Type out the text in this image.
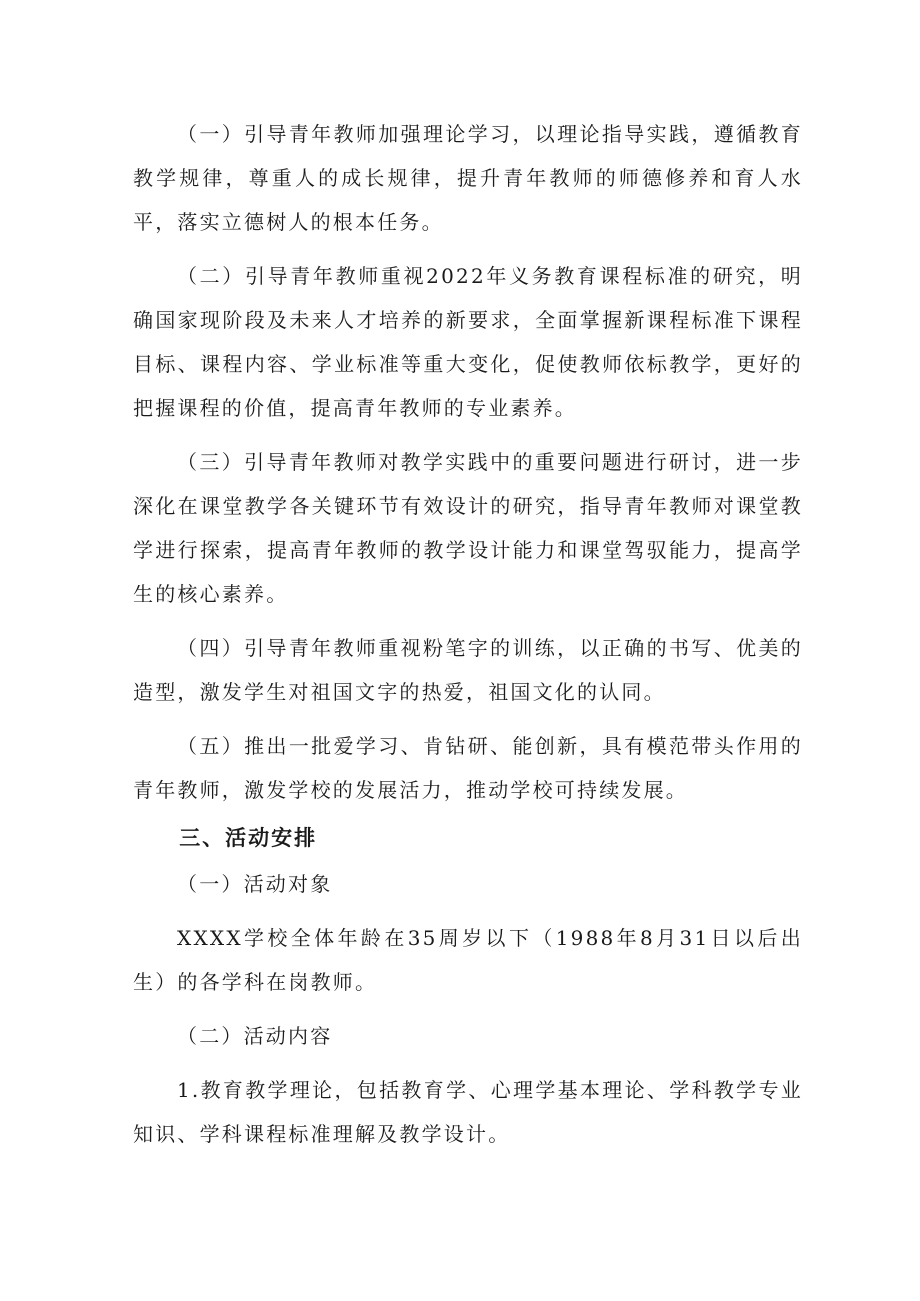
（一）引导青年教师加强理论学习，以理论指导实践，遵循教育教学规律，尊重人的成长规律，提升青年教师的师德修养和育人水平，落实立德树人的根本任务。

（二）引导青年教师重视2022年义务教育课程标准的研究，明确国家现阶段及未来人才培养的新要求，全面掌握新课程标准下课程目标、课程内容、学业标准等重大变化，促使教师依标教学，更好的把握课程的价值，提高青年教师的专业素养。

（三）引导青年教师对教学实践中的重要问题进行研讨，进一步深化在课堂教学各关键环节有效设计的研究，指导青年教师对课堂教学进行探索，提高青年教师的教学设计能力和课堂驾驭能力，提高学生的核心素养。

（四）引导青年教师重视粉笔字的训练，以正确的书写、优美的造型，激发学生对祖国文字的热爱，祖国文化的认同。

（五）推出一批爱学习、肯钻研、能创新，具有模范带头作用的青年教师，激发学校的发展活力，推动学校可持续发展。

三、活动安排

（一）活动对象

XXXX学校全体年龄在35周岁以下（1988年8月31日以后出生）的各学科在岗教师。

（二）活动内容

1.教育教学理论，包括教育学、心理学基本理论、学科教学专业知识、学科课程标准理解及教学设计。
